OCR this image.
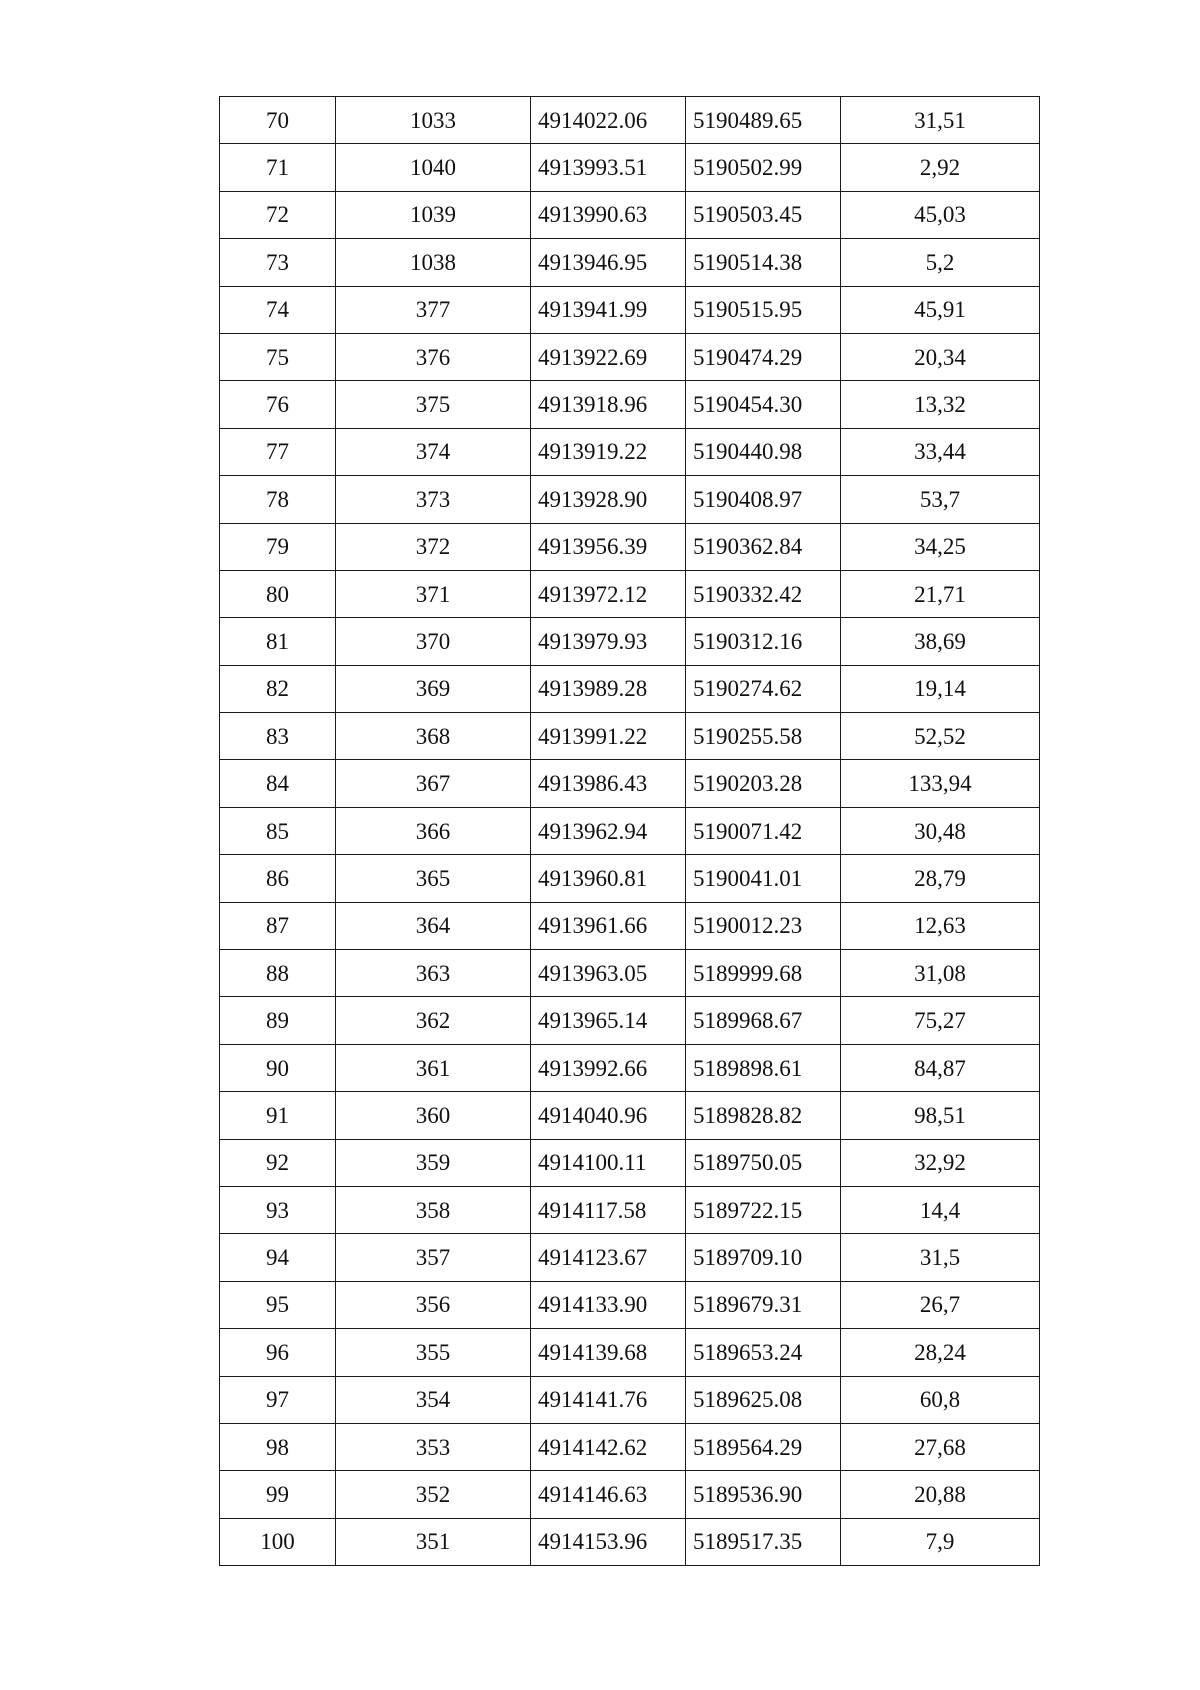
70	1033	4914022.06	5190489.65	31,51
71	1040	4913993.51	5190502.99	2,92
72	1039	4913990.63	5190503.45	45,03
73	1038	4913946.95	5190514.38	5,2
74	377	4913941.99	5190515.95	45,91
75	376	4913922.69	5190474.29	20,34
76	375	4913918.96	5190454.30	13,32
77	374	4913919.22	5190440.98	33,44
78	373	4913928.90	5190408.97	53,7
79	372	4913956.39	5190362.84	34,25
80	371	4913972.12	5190332.42	21,71
81	370	4913979.93	5190312.16	38,69
82	369	4913989.28	5190274.62	19,14
83	368	4913991.22	5190255.58	52,52
84	367	4913986.43	5190203.28	133,94
85	366	4913962.94	5190071.42	30,48
86	365	4913960.81	5190041.01	28,79
87	364	4913961.66	5190012.23	12,63
88	363	4913963.05	5189999.68	31,08
89	362	4913965.14	5189968.67	75,27
90	361	4913992.66	5189898.61	84,87
91	360	4914040.96	5189828.82	98,51
92	359	4914100.11	5189750.05	32,92
93	358	4914117.58	5189722.15	14,4
94	357	4914123.67	5189709.10	31,5
95	356	4914133.90	5189679.31	26,7
96	355	4914139.68	5189653.24	28,24
97	354	4914141.76	5189625.08	60,8
98	353	4914142.62	5189564.29	27,68
99	352	4914146.63	5189536.90	20,88
100	351	4914153.96	5189517.35	7,9
